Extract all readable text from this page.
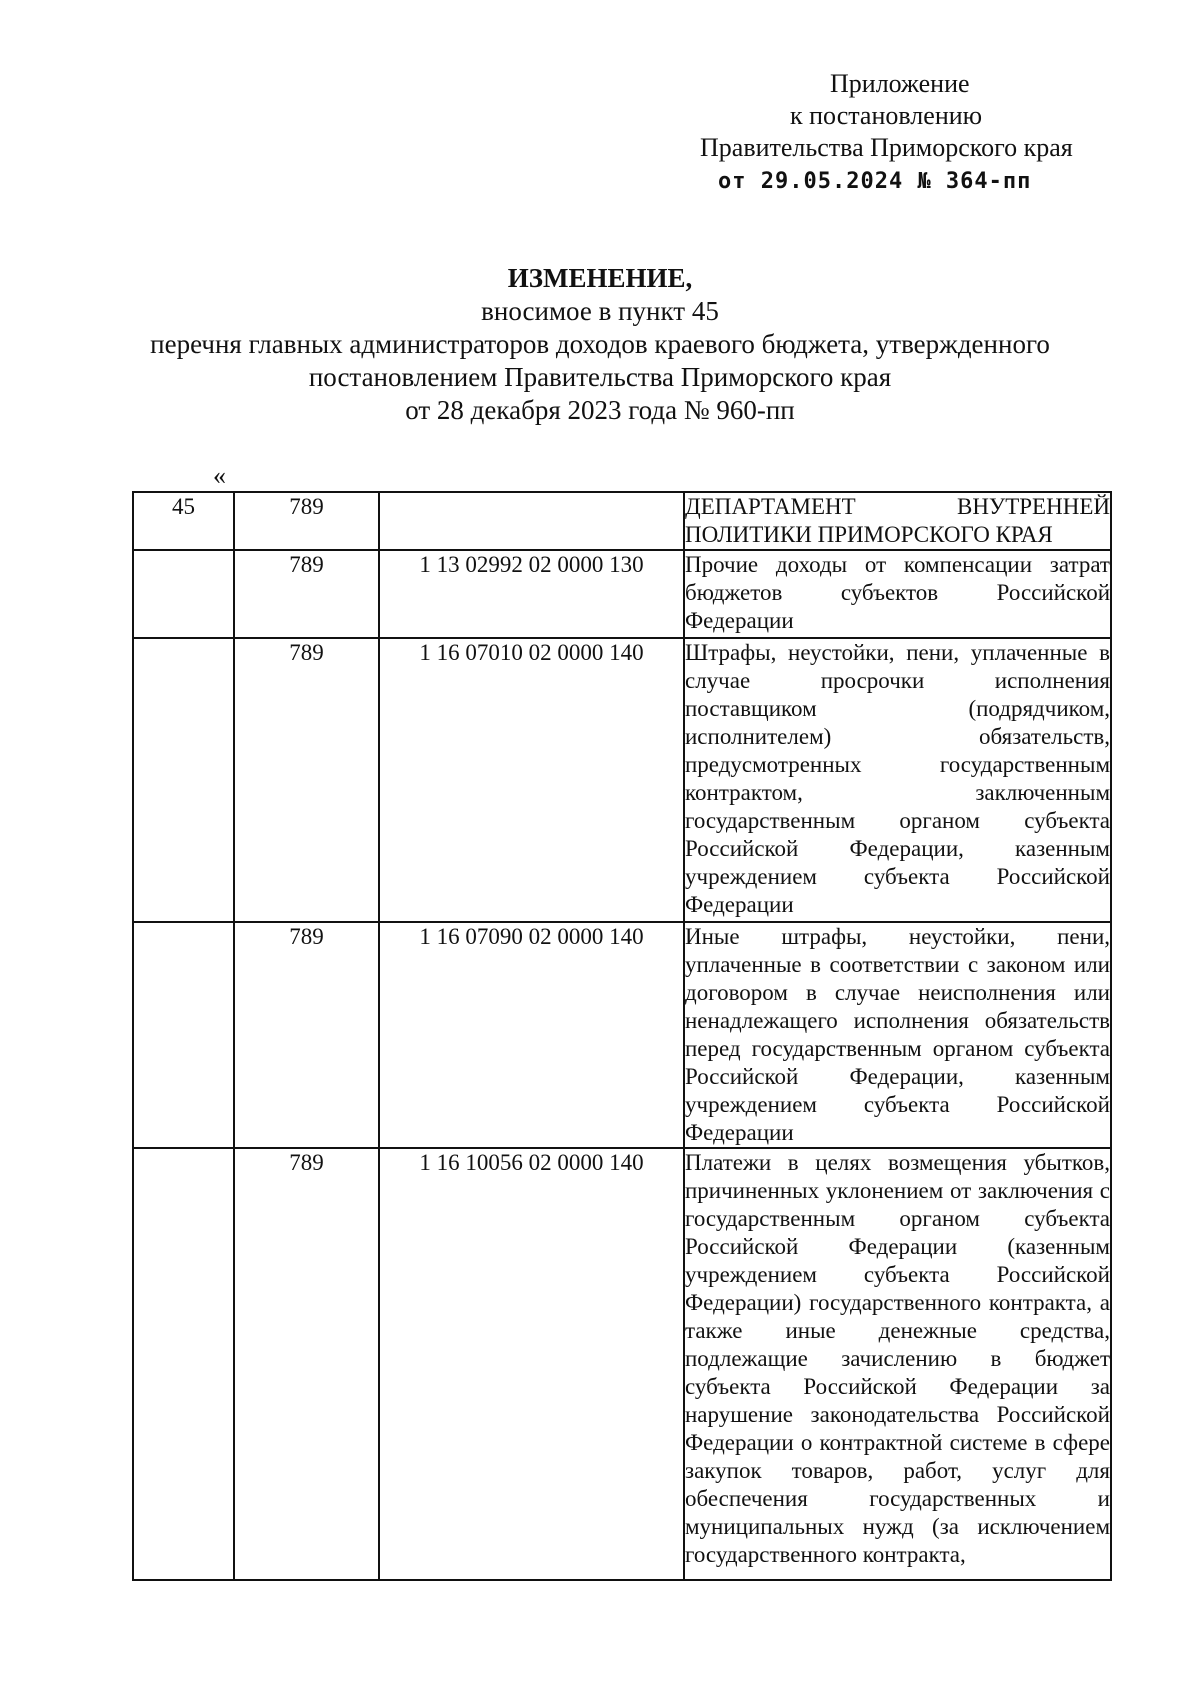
Приложение
к постановлению
Правительства Приморского края
от 29.05.2024 № 364-пп
ИЗМЕНЕНИЕ,
вносимое в пункт 45
перечня главных администраторов доходов краевого бюджета, утвержденного
постановлением Правительства Приморского края
от 28 декабря 2023 года № 960-пп
«
45	789		ДЕПАРТАМЕНТ ВНУТРЕННЕЙ
ПОЛИТИКИ ПРИМОРСКОГО КРАЯ

	789	1 13 02992 02 0000 130	Прочие доходы от компенсации затрат бюджетов субъектов Российской Федерации
	789	1 16 07010 02 0000 140	Штрафы, неустойки, пени, уплаченные в случае просрочки исполнения поставщиком (подрядчиком, исполнителем) обязательств, предусмотренных государственным контрактом, заключенным государственным органом субъекта Российской Федерации, казенным учреждением субъекта Российской Федерации
	789	1 16 07090 02 0000 140	Иные штрафы, неустойки, пени, уплаченные в соответствии с законом или договором в случае неисполнения или ненадлежащего исполнения обязательств перед государственным органом субъекта Российской Федерации, казенным учреждением субъекта Российской Федерации
	789	1 16 10056 02 0000 140	Платежи в целях возмещения убытков, причиненных уклонением от заключения с государственным органом субъекта Российской Федерации (казенным учреждением субъекта Российской Федерации) государственного контракта, а также иные денежные средства, подлежащие зачислению в бюджет субъекта Российской Федерации за нарушение законодательства Российской Федерации о контрактной системе в сфере закупок товаров, работ, услуг для обеспечения государственных и муниципальных нужд (за исключением государственного контракта,
